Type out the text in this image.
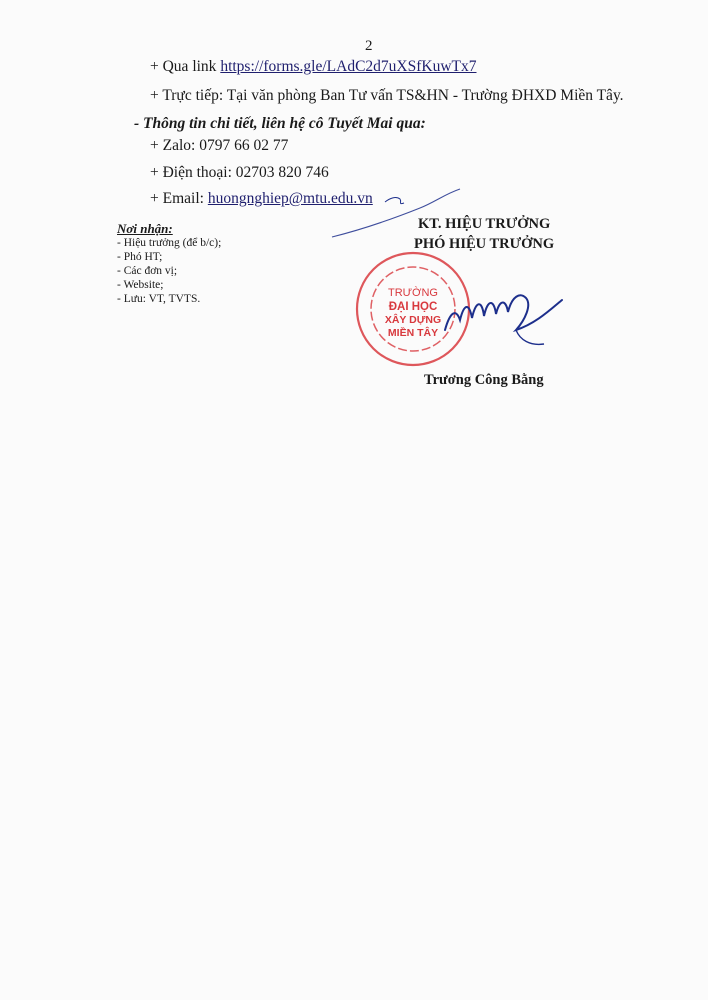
2
+ Qua link https://forms.gle/LAdC2d7uXSfKuwTx7
+ Trực tiếp: Tại văn phòng Ban Tư vấn TS&HN - Trường ĐHXD Miền Tây.
- Thông tin chi tiết, liên hệ cô Tuyết Mai qua:
+ Zalo: 0797 66 02 77
+ Điện thoại: 02703 820 746
+ Email: huongnghiep@mtu.edu.vn
Nơi nhận:
- Hiệu trưởng (để b/c);
- Phó HT;
- Các đơn vị;
- Website;
- Lưu: VT, TVTS.
KT. HIỆU TRƯỞNG
PHÓ HIỆU TRƯỞNG
TRƯỜNG
ĐẠI HỌC
XÂY DỰNG
MIỀN TÂY
Trương Công Bằng
